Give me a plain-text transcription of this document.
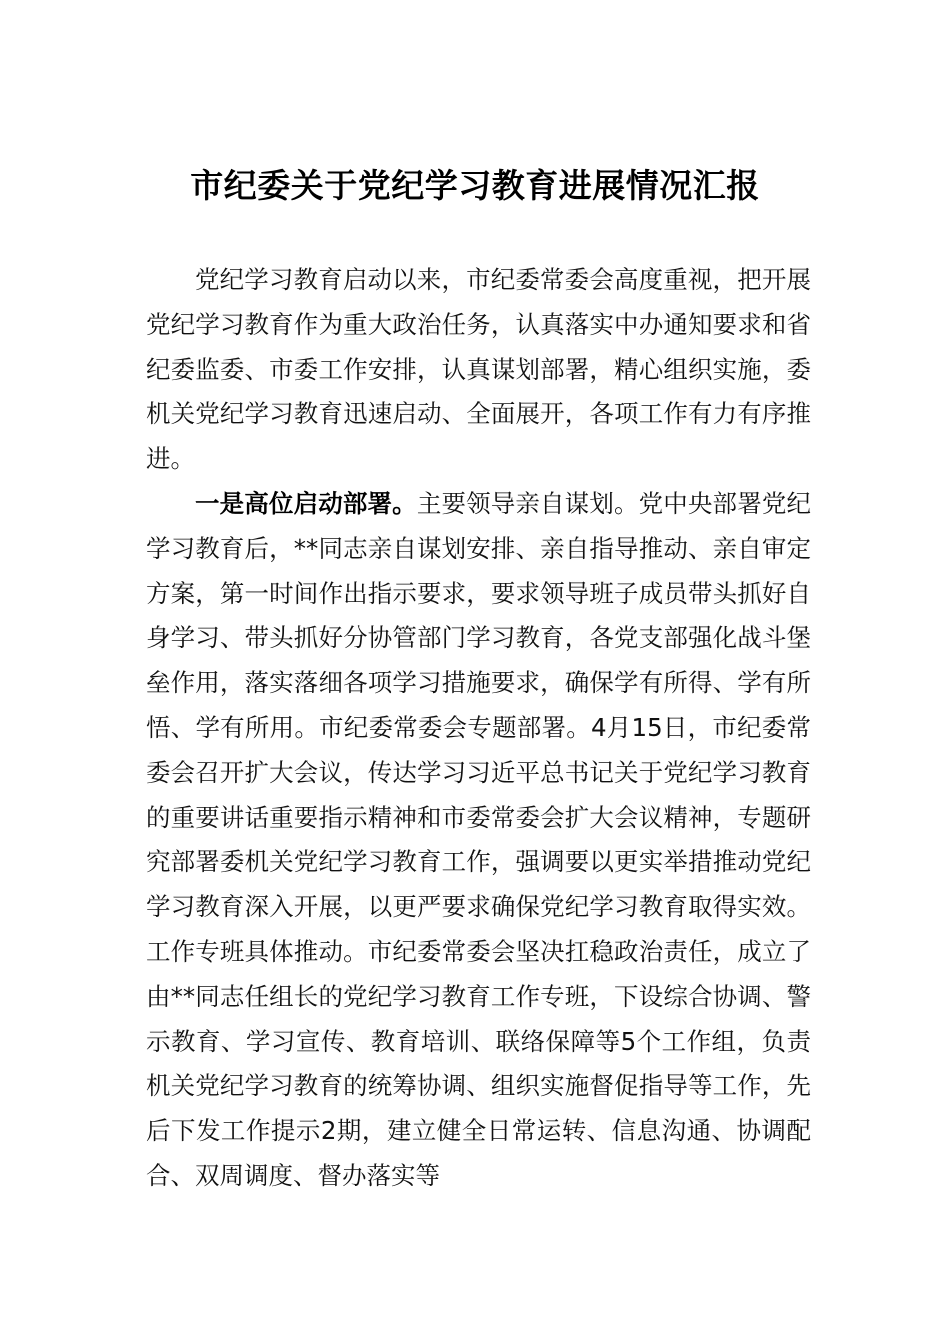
市纪委关于党纪学习教育进展情况汇报

党纪学习教育启动以来，市纪委常委会高度重视，把开展党纪学习教育作为重大政治任务，认真落实中办通知要求和省纪委监委、市委工作安排，认真谋划部署，精心组织实施，委机关党纪学习教育迅速启动、全面展开，各项工作有力有序推进。

一是高位启动部署。主要领导亲自谋划。党中央部署党纪学习教育后，**同志亲自谋划安排、亲自指导推动、亲自审定方案，第一时间作出指示要求，要求领导班子成员带头抓好自身学习、带头抓好分协管部门学习教育，各党支部强化战斗堡垒作用，落实落细各项学习措施要求，确保学有所得、学有所悟、学有所用。市纪委常委会专题部署。4月15日，市纪委常委会召开扩大会议，传达学习习近平总书记关于党纪学习教育的重要讲话重要指示精神和市委常委会扩大会议精神，专题研究部署委机关党纪学习教育工作，强调要以更实举措推动党纪学习教育深入开展，以更严要求确保党纪学习教育取得实效。工作专班具体推动。市纪委常委会坚决扛稳政治责任，成立了由**同志任组长的党纪学习教育工作专班，下设综合协调、警示教育、学习宣传、教育培训、联络保障等5个工作组，负责机关党纪学习教育的统筹协调、组织实施督促指导等工作，先后下发工作提示2期，建立健全日常运转、信息沟通、协调配合、双周调度、督办落实等
